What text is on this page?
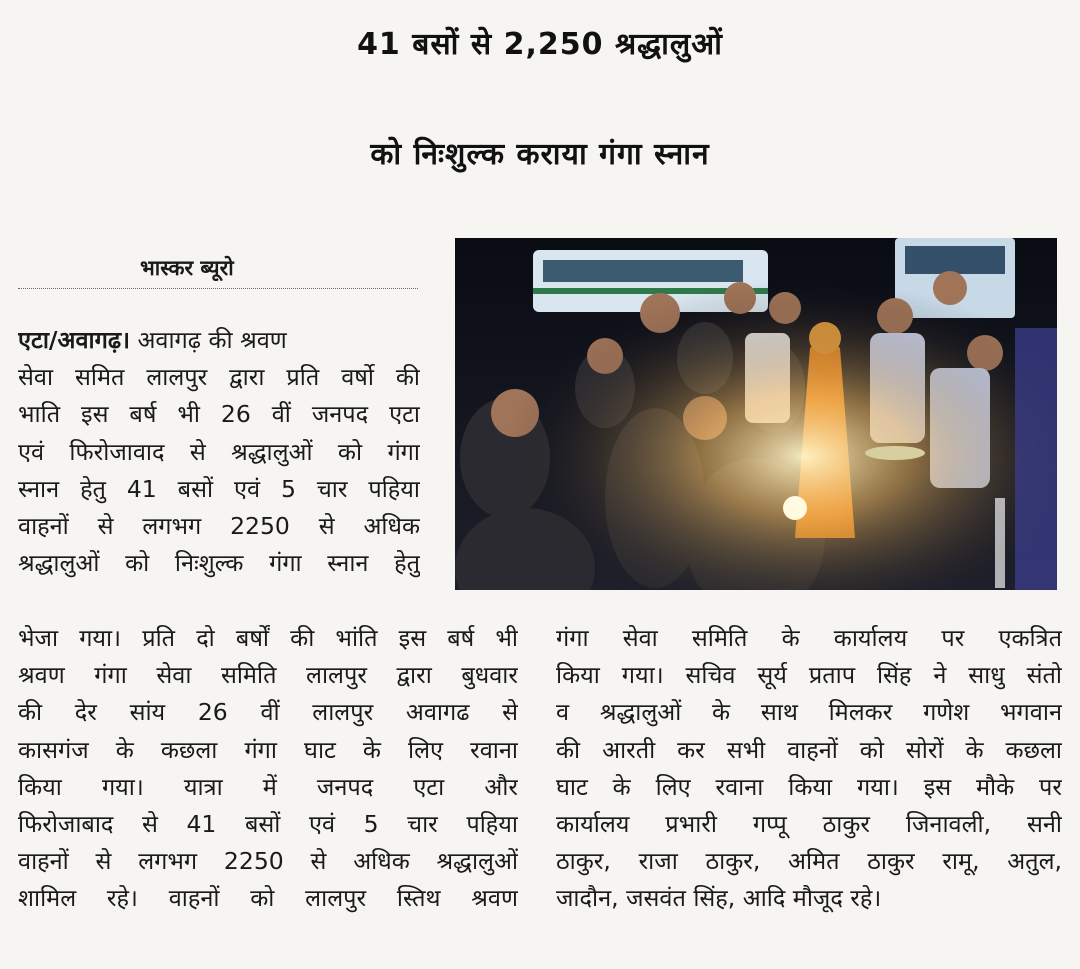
41 बसों से 2,250 श्रद्धालुओं
को निःशुल्क कराया गंगा स्नान
भास्कर ब्यूरो
एटा/अवागढ़। अवागढ़ की श्रवण
सेवा समित लालपुर द्वारा प्रति वर्षो की
भाति इस बर्ष भी 26 वीं जनपद एटा
एवं फिरोजावाद से श्रद्धालुओं को गंगा
स्नान हेतु 41 बसों एवं 5 चार पहिया
वाहनों से लगभग 2250 से अधिक
श्रद्धालुओं को निःशुल्क गंगा स्नान हेतु
भेजा गया। प्रति दो बर्षों की भांति इस बर्ष भी
श्रवण गंगा सेवा समिति लालपुर द्वारा बुधवार
की देर सांय 26 वीं लालपुर अवागढ से
कासगंज के कछला गंगा घाट के लिए रवाना
किया गया। यात्रा में जनपद एटा और
फिरोजाबाद से 41 बसों एवं 5 चार पहिया
वाहनों से लगभग 2250 से अधिक श्रद्धालुओं
शामिल रहे। वाहनों को लालपुर स्तिथ श्रवण
गंगा सेवा समिति के कार्यालय पर एकत्रित
किया गया। सचिव सूर्य प्रताप सिंह ने साधु संतो
व श्रद्धालुओं के साथ मिलकर गणेश भगवान
की आरती कर सभी वाहनों को सोरों के कछला
घाट के लिए रवाना किया गया। इस मौके पर
कार्यालय प्रभारी गप्पू ठाकुर जिनावली, सनी
ठाकुर, राजा ठाकुर, अमित ठाकुर रामू, अतुल,
जादौन, जसवंत सिंह, आदि मौजूद रहे।
